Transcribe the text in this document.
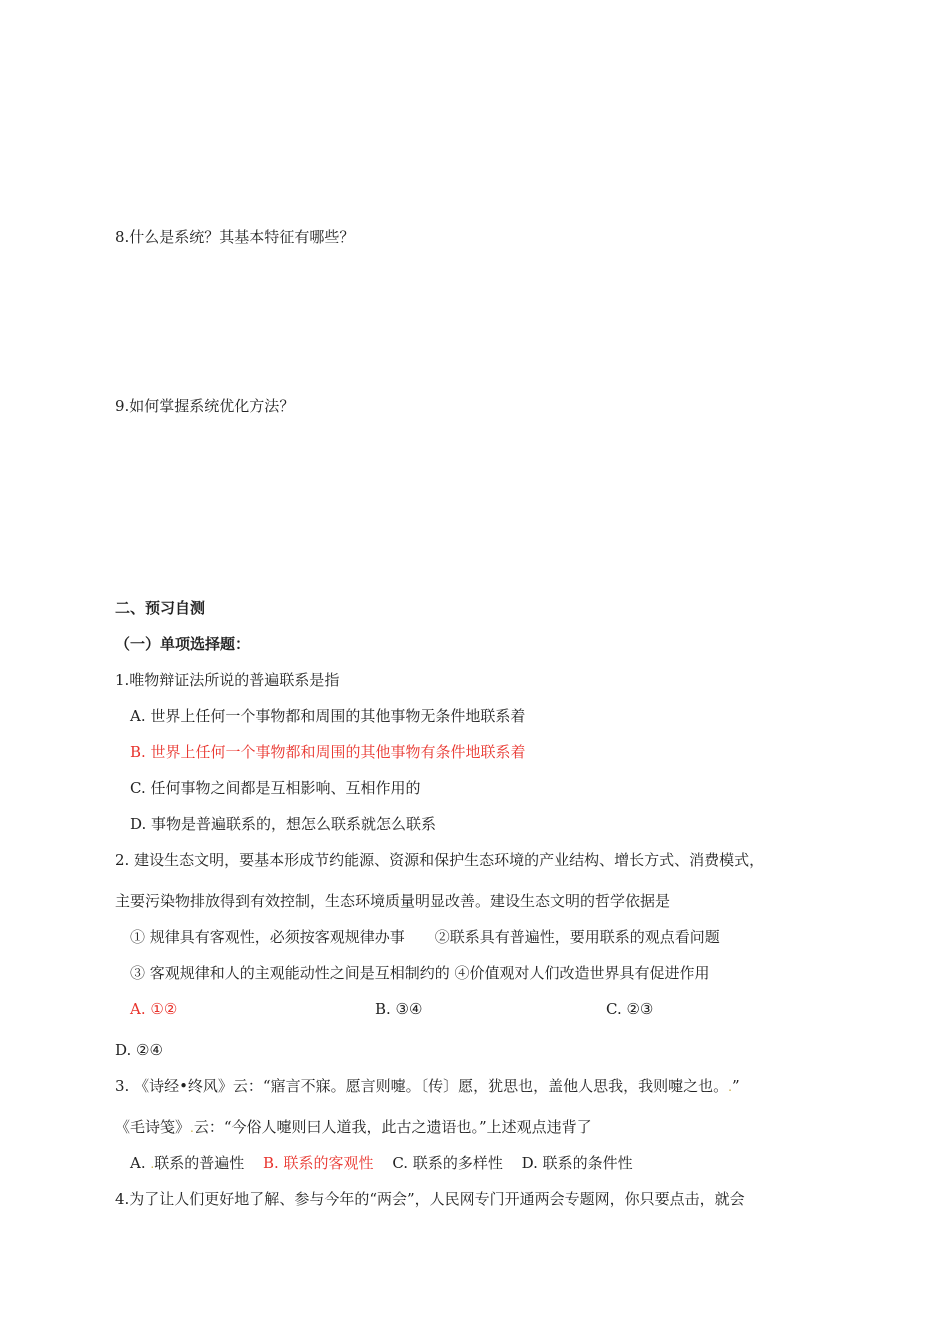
8.什么是系统？其基本特征有哪些？
9.如何掌握系统优化方法？
二、预习自测
（一）单项选择题：
1.唯物辩证法所说的普遍联系是指
A. 世界上任何一个事物都和周围的其他事物无条件地联系着
B. 世界上任何一个事物都和周围的其他事物有条件地联系着
C. 任何事物之间都是互相影响、互相作用的
D. 事物是普遍联系的，想怎么联系就怎么联系
2. 建设生态文明，要基本形成节约能源、资源和保护生态环境的产业结构、增长方式、消费模式，
主要污染物排放得到有效控制，生态环境质量明显改善。建设生态文明的哲学依据是
① 规律具有客观性，必须按客观规律办事　　②联系具有普遍性，要用联系的观点看问题
③ 客观规律和人的主观能动性之间是互相制约的 ④价值观对人们改造世界具有促进作用
A. ①②	B. ③④	C. ②③
D. ②④
3. 《诗经•终风》云：“寤言不寐。愿言则嚏。〔传〕愿，犹思也，盖他人思我，我则嚏之也。.”
《毛诗笺》.云：“今俗人嚏则曰人道我，此古之遗语也。”上述观点违背了
A. .联系的普遍性 B. 联系的客观性 C. 联系的多样性 D. 联系的条件性
4.为了让人们更好地了解、参与今年的“两会”，人民网专门开通两会专题网，你只要点击，就会
